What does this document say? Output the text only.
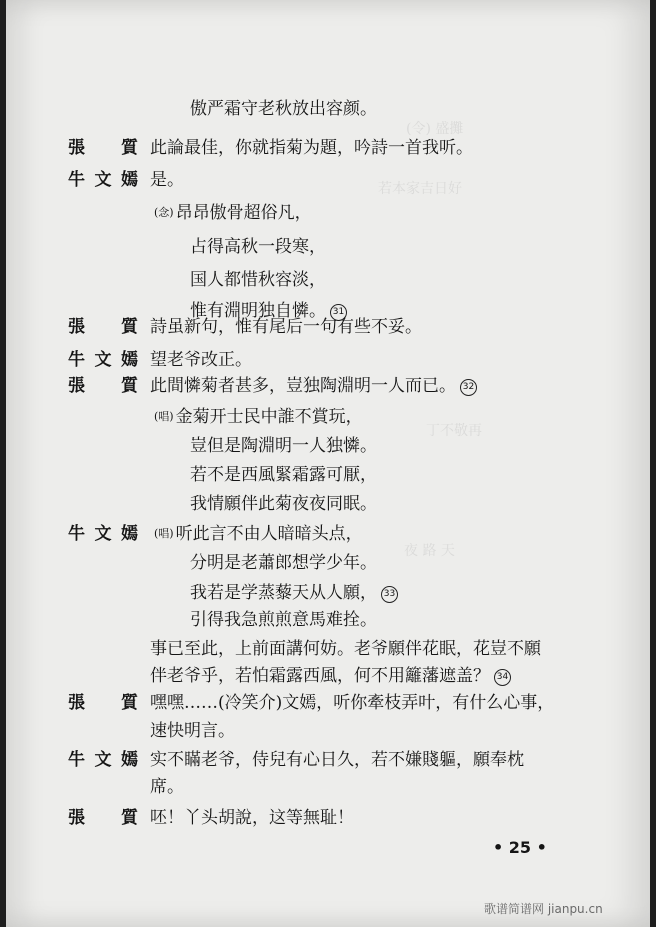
(令) 盛攤
若本家吉日好
丁不敬再
夜 路 天
傲严霜守老秋放出容颜。
張 質 此論最佳，你就指菊为題，吟詩一首我听。
牛文嫣 是。
(念) 昂昂傲骨超俗凡，
占得高秋一段寒，
国人都惜秋容淡，
惟有淵明独自憐。 31
張 質 詩虽新句，惟有尾后一句有些不妥。
牛文嫣 望老爷改正。
張 質 此間憐菊者甚多，豈独陶淵明一人而已。 32
(唱) 金菊开士民中誰不賞玩，
豈但是陶淵明一人独憐。
若不是西風緊霜露可厭，
我情願伴此菊夜夜同眠。
牛文嫣 (唱) 听此言不由人暗暗头点，
分明是老蕭郎想学少年。
我若是学蒸藜天从人願， 33
引得我急煎煎意馬难拴。
事已至此，上前面講何妨。老爷願伴花眠，花豈不願
伴老爷乎，若怕霜露西風，何不用籬藩遮盖？ 34
張 質 嘿嘿……(冷笑介)文嫣，听你牽枝弄叶，有什么心事，
速快明言。
牛文嫣 实不瞞老爷，侍兒有心日久，若不嫌賤軀，願奉枕
席。
張 質 呸！丫头胡說，这等無耻！
• 25 •
歌谱简谱网 jianpu.cn
